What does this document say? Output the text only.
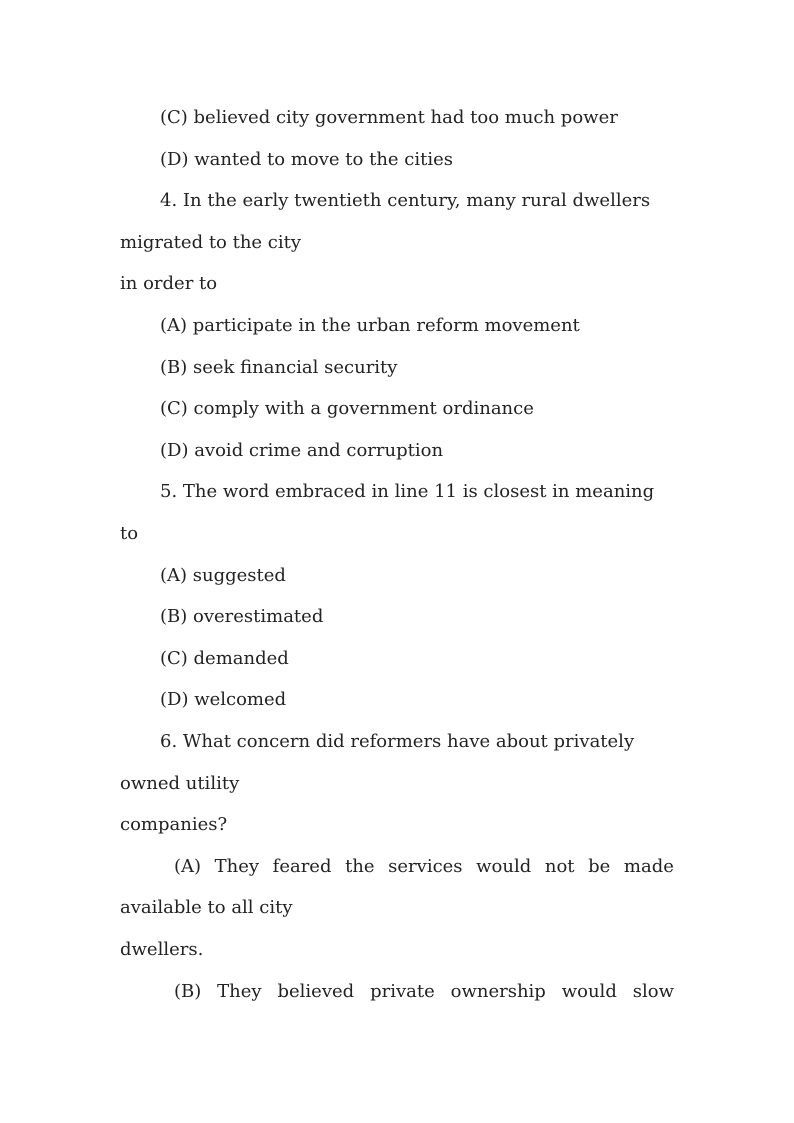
(C) believed city government had too much power
(D) wanted to move to the cities
4. In the early twentieth century, many rural dwellers
migrated to the city
in order to
(A) participate in the urban reform movement
(B) seek financial security
(C) comply with a government ordinance
(D) avoid crime and corruption
5. The word embraced in line 11 is closest in meaning
to
(A) suggested
(B) overestimated
(C) demanded
(D) welcomed
6. What concern did reformers have about privately
owned utility
companies?
(A) They feared the services would not be made
available to all city
dwellers.
(B) They believed private ownership would slow
